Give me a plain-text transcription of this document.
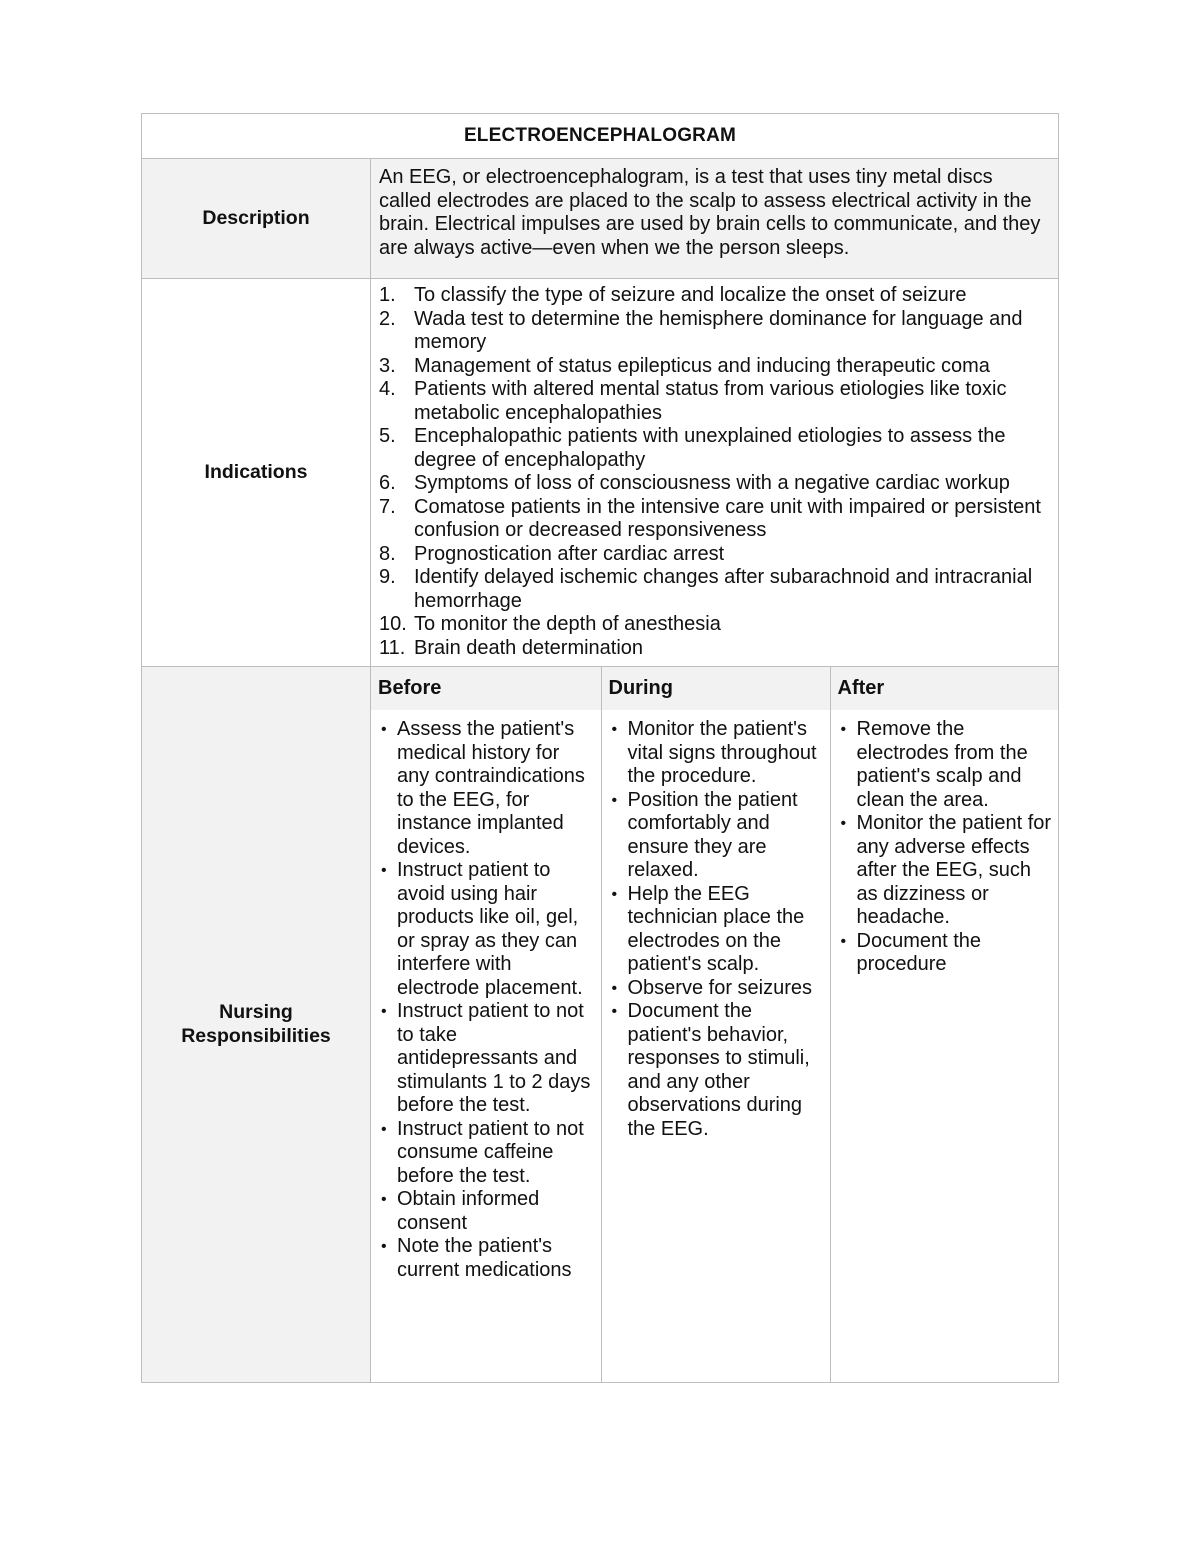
ELECTROENCEPHALOGRAM
Description	An EEG, or electroencephalogram, is a test that uses tiny metal discs called electrodes are placed to the scalp to assess electrical activity in the brain. Electrical impulses are used by brain cells to communicate, and they are always active—even when we the person sleeps.
Indications	
1. To classify the type of seizure and localize the onset of seizure
2. Wada test to determine the hemisphere dominance for language and memory
3. Management of status epilepticus and inducing therapeutic coma
4. Patients with altered mental status from various etiologies like toxic metabolic encephalopathies
5. Encephalopathic patients with unexplained etiologies to assess the degree of encephalopathy
6. Symptoms of loss of consciousness with a negative cardiac workup
7. Comatose patients in the intensive care unit with impaired or persistent confusion or decreased responsiveness
8. Prognostication after cardiac arrest
9. Identify delayed ischemic changes after subarachnoid and intracranial hemorrhage
10. To monitor the depth of anesthesia
11. Brain death determination

Nursing Responsibilities	
Before	During	After

• Assess the patient's medical history for any contraindications to the EEG, for instance implanted devices.
• Instruct patient to avoid using hair products like oil, gel, or spray as they can interfere with electrode placement.
• Instruct patient to not to take antidepressants and stimulants 1 to 2 days before the test.
• Instruct patient to not consume caffeine before the test.
• Obtain informed consent
• Note the patient's current medications

• Monitor the patient's vital signs throughout the procedure.
• Position the patient comfortably and ensure they are relaxed.
• Help the EEG technician place the electrodes on the patient's scalp.
• Observe for seizures
• Document the patient's behavior, responses to stimuli, and any other observations during the EEG.

• Remove the electrodes from the patient's scalp and clean the area.
• Monitor the patient for any adverse effects after the EEG, such as dizziness or headache.
• Document the procedure
